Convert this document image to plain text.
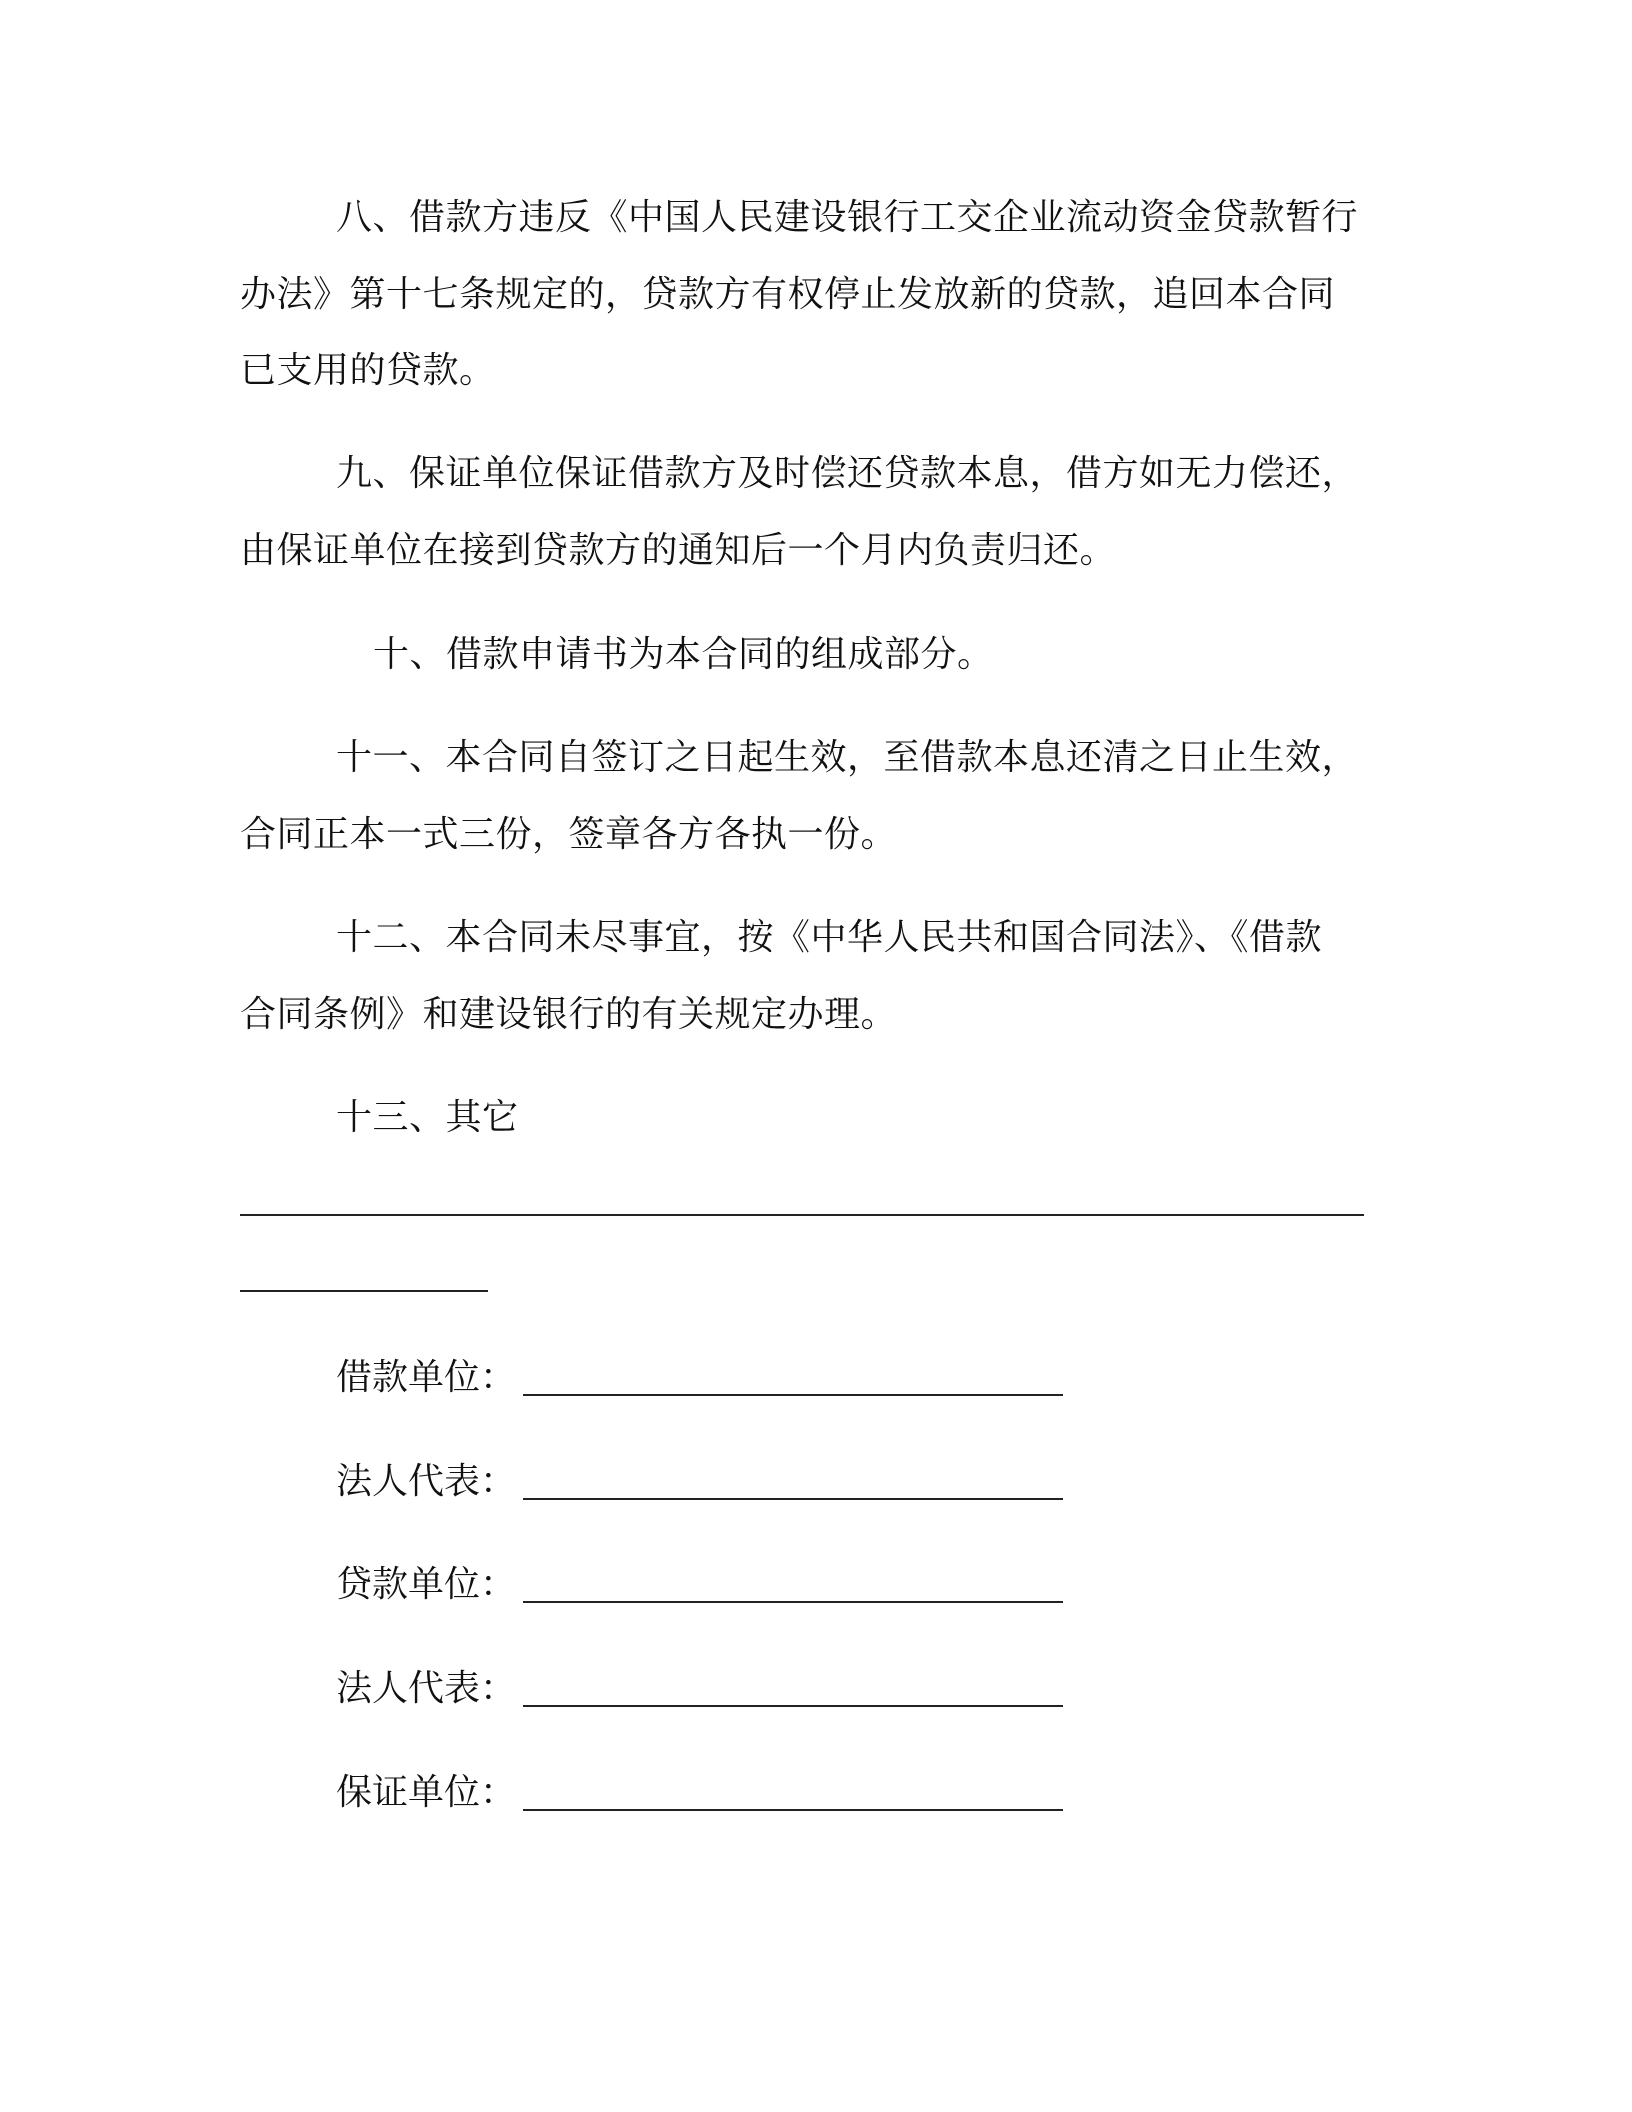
八、借款方违反《中国人民建设银行工交企业流动资金贷款暂行
办法》第十七条规定的，贷款方有权停止发放新的贷款，追回本合同
已支用的贷款。
九、保证单位保证借款方及时偿还贷款本息，借方如无力偿还，
由保证单位在接到贷款方的通知后一个月内负责归还。
十、借款申请书为本合同的组成部分。
十一、本合同自签订之日起生效，至借款本息还清之日止生效，
合同正本一式三份，签章各方各执一份。
十二、本合同未尽事宜，按《中华人民共和国合同法》、《借款
合同条例》和建设银行的有关规定办理。
十三、其它
借款单位：
法人代表：
贷款单位：
法人代表：
保证单位：
